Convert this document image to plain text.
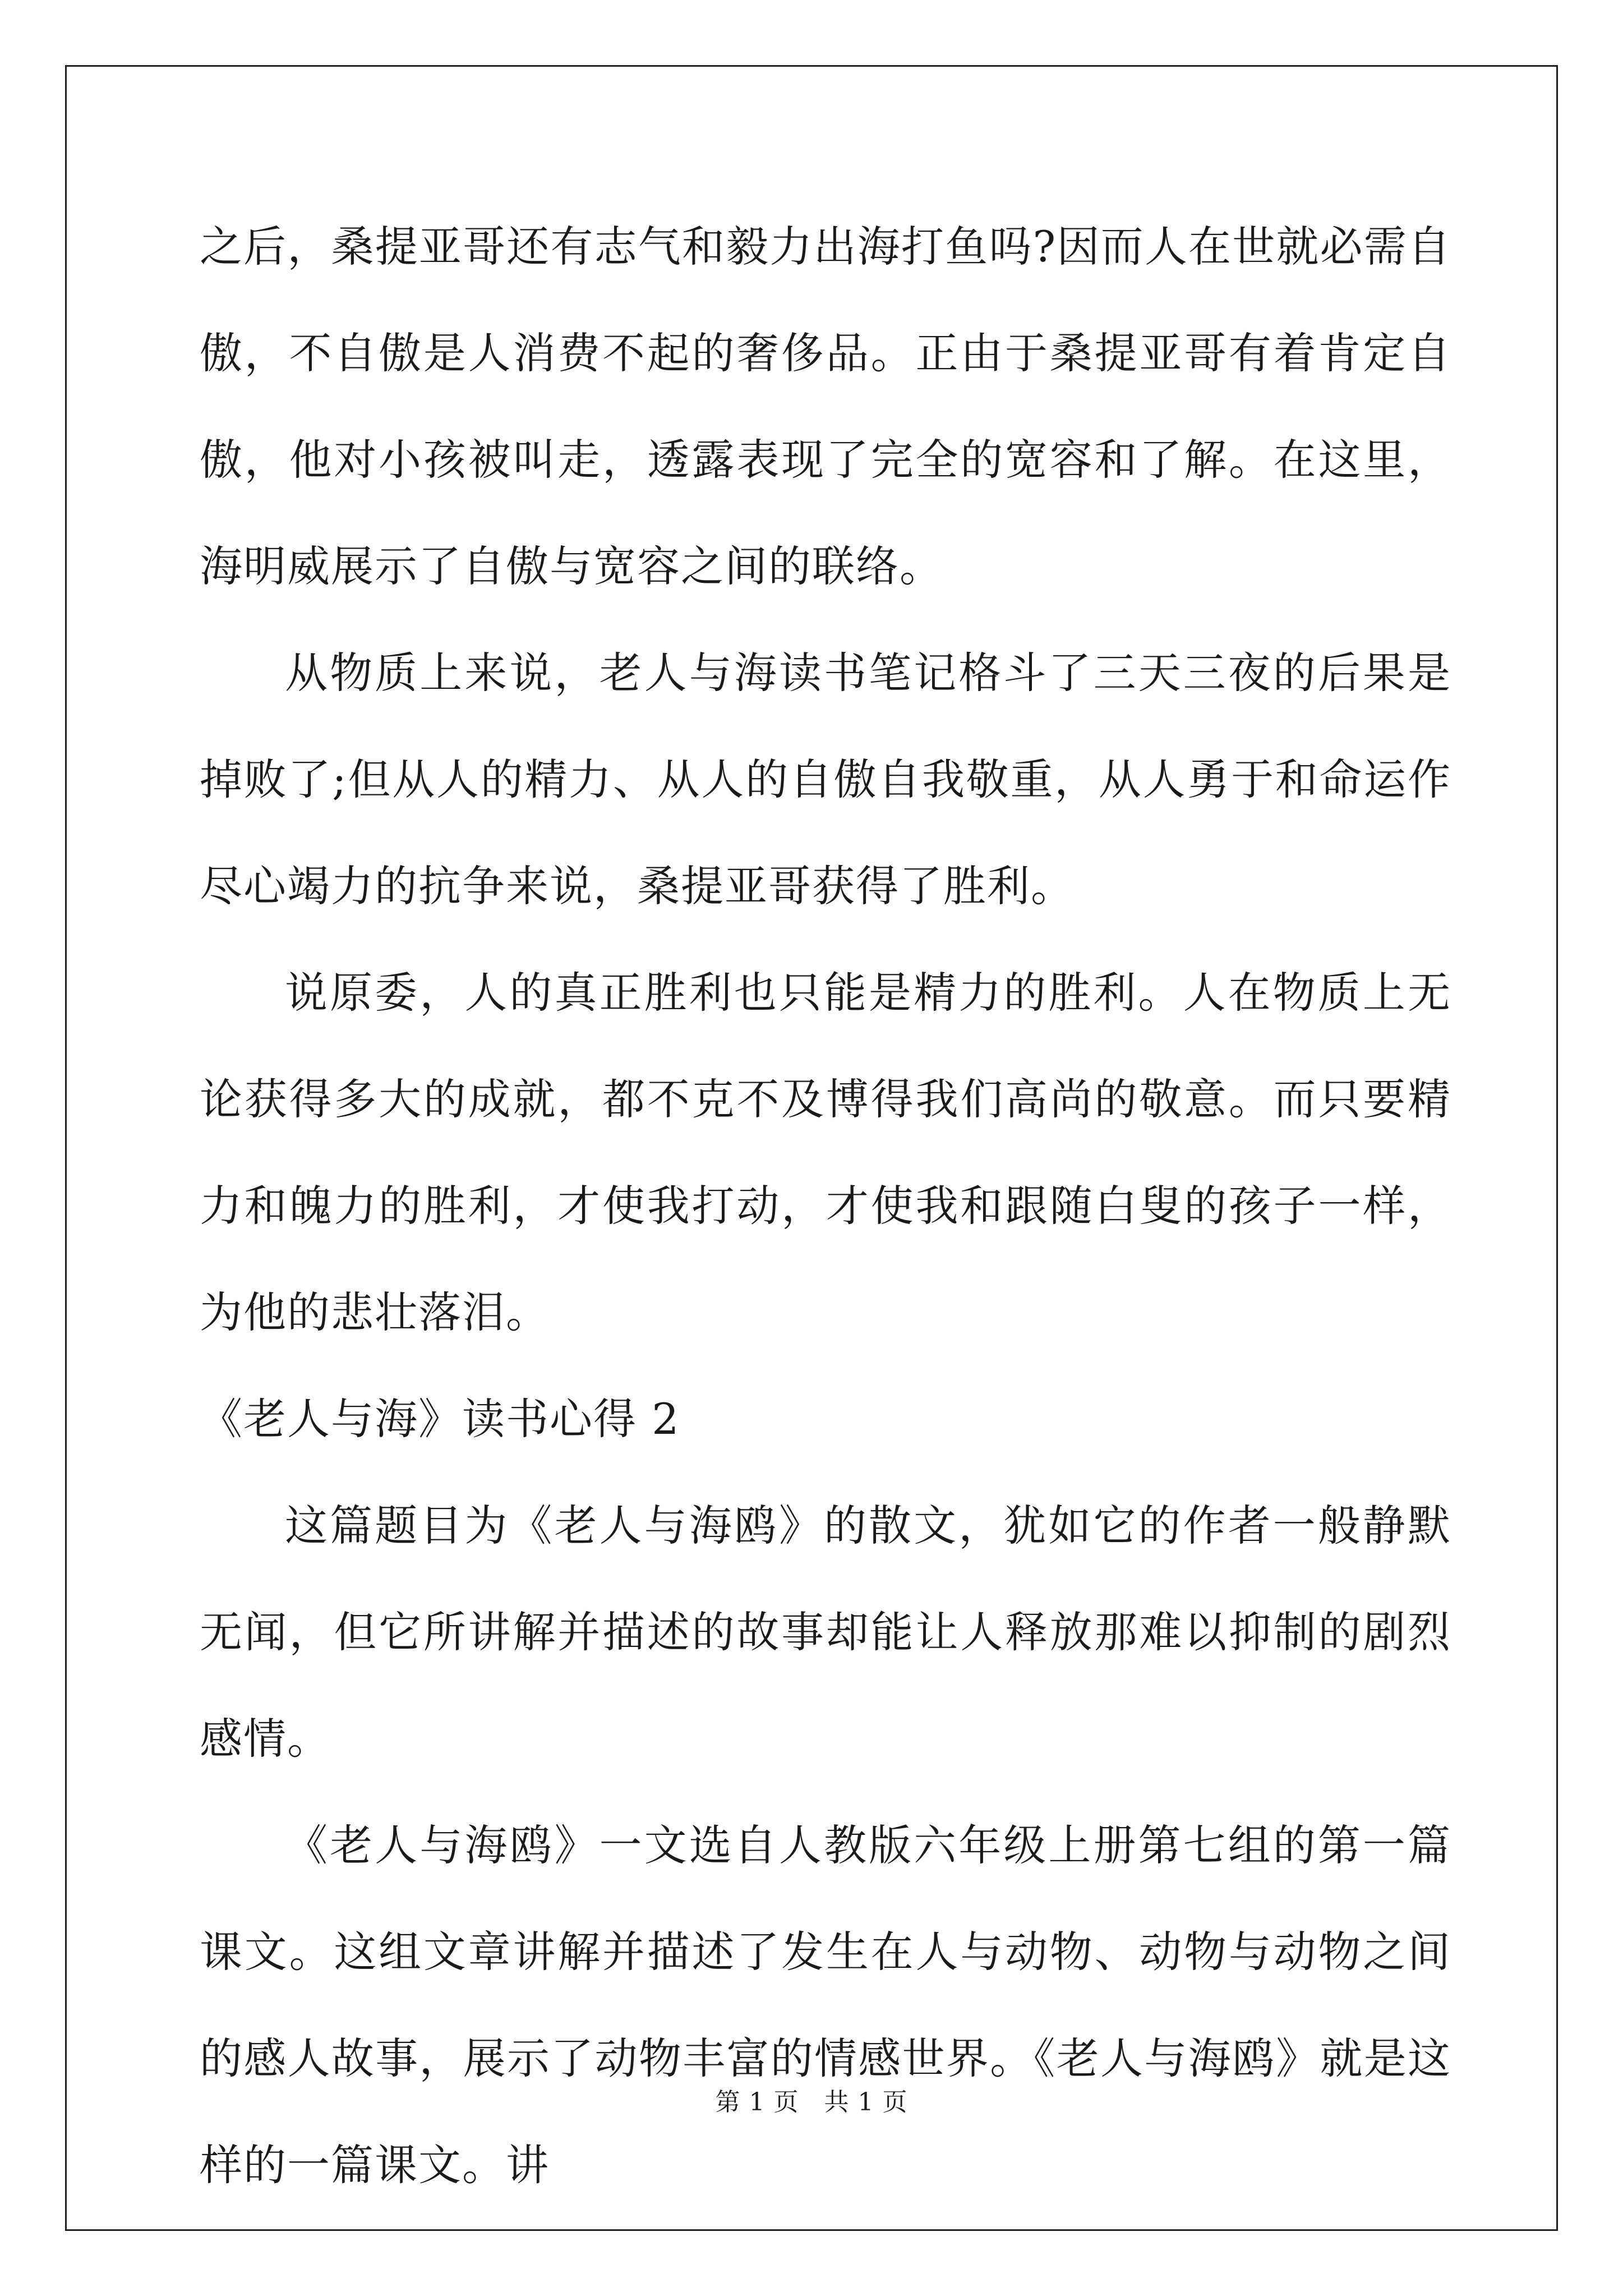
之后，桑提亚哥还有志气和毅力出海打鱼吗?因而人在世就必需自傲，不自傲是人消费不起的奢侈品。正由于桑提亚哥有着肯定自傲，他对小孩被叫走，透露表现了完全的宽容和了解。在这里，海明威展示了自傲与宽容之间的联络。

从物质上来说，老人与海读书笔记格斗了三天三夜的后果是掉败了;但从人的精力、从人的自傲自我敬重，从人勇于和命运作尽心竭力的抗争来说，桑提亚哥获得了胜利。

说原委，人的真正胜利也只能是精力的胜利。人在物质上无论获得多大的成就，都不克不及博得我们高尚的敬意。而只要精力和魄力的胜利，才使我打动，才使我和跟随白叟的孩子一样，为他的悲壮落泪。

《老人与海》读书心得 2

这篇题目为《老人与海鸥》的散文，犹如它的作者一般静默无闻，但它所讲解并描述的故事却能让人释放那难以抑制的剧烈感情。

《老人与海鸥》一文选自人教版六年级上册第七组的第一篇课文。这组文章讲解并描述了发生在人与动物、动物与动物之间的感人故事，展示了动物丰富的情感世界。《老人与海鸥》就是这样的一篇课文。讲

第 1 页　共 1 页
